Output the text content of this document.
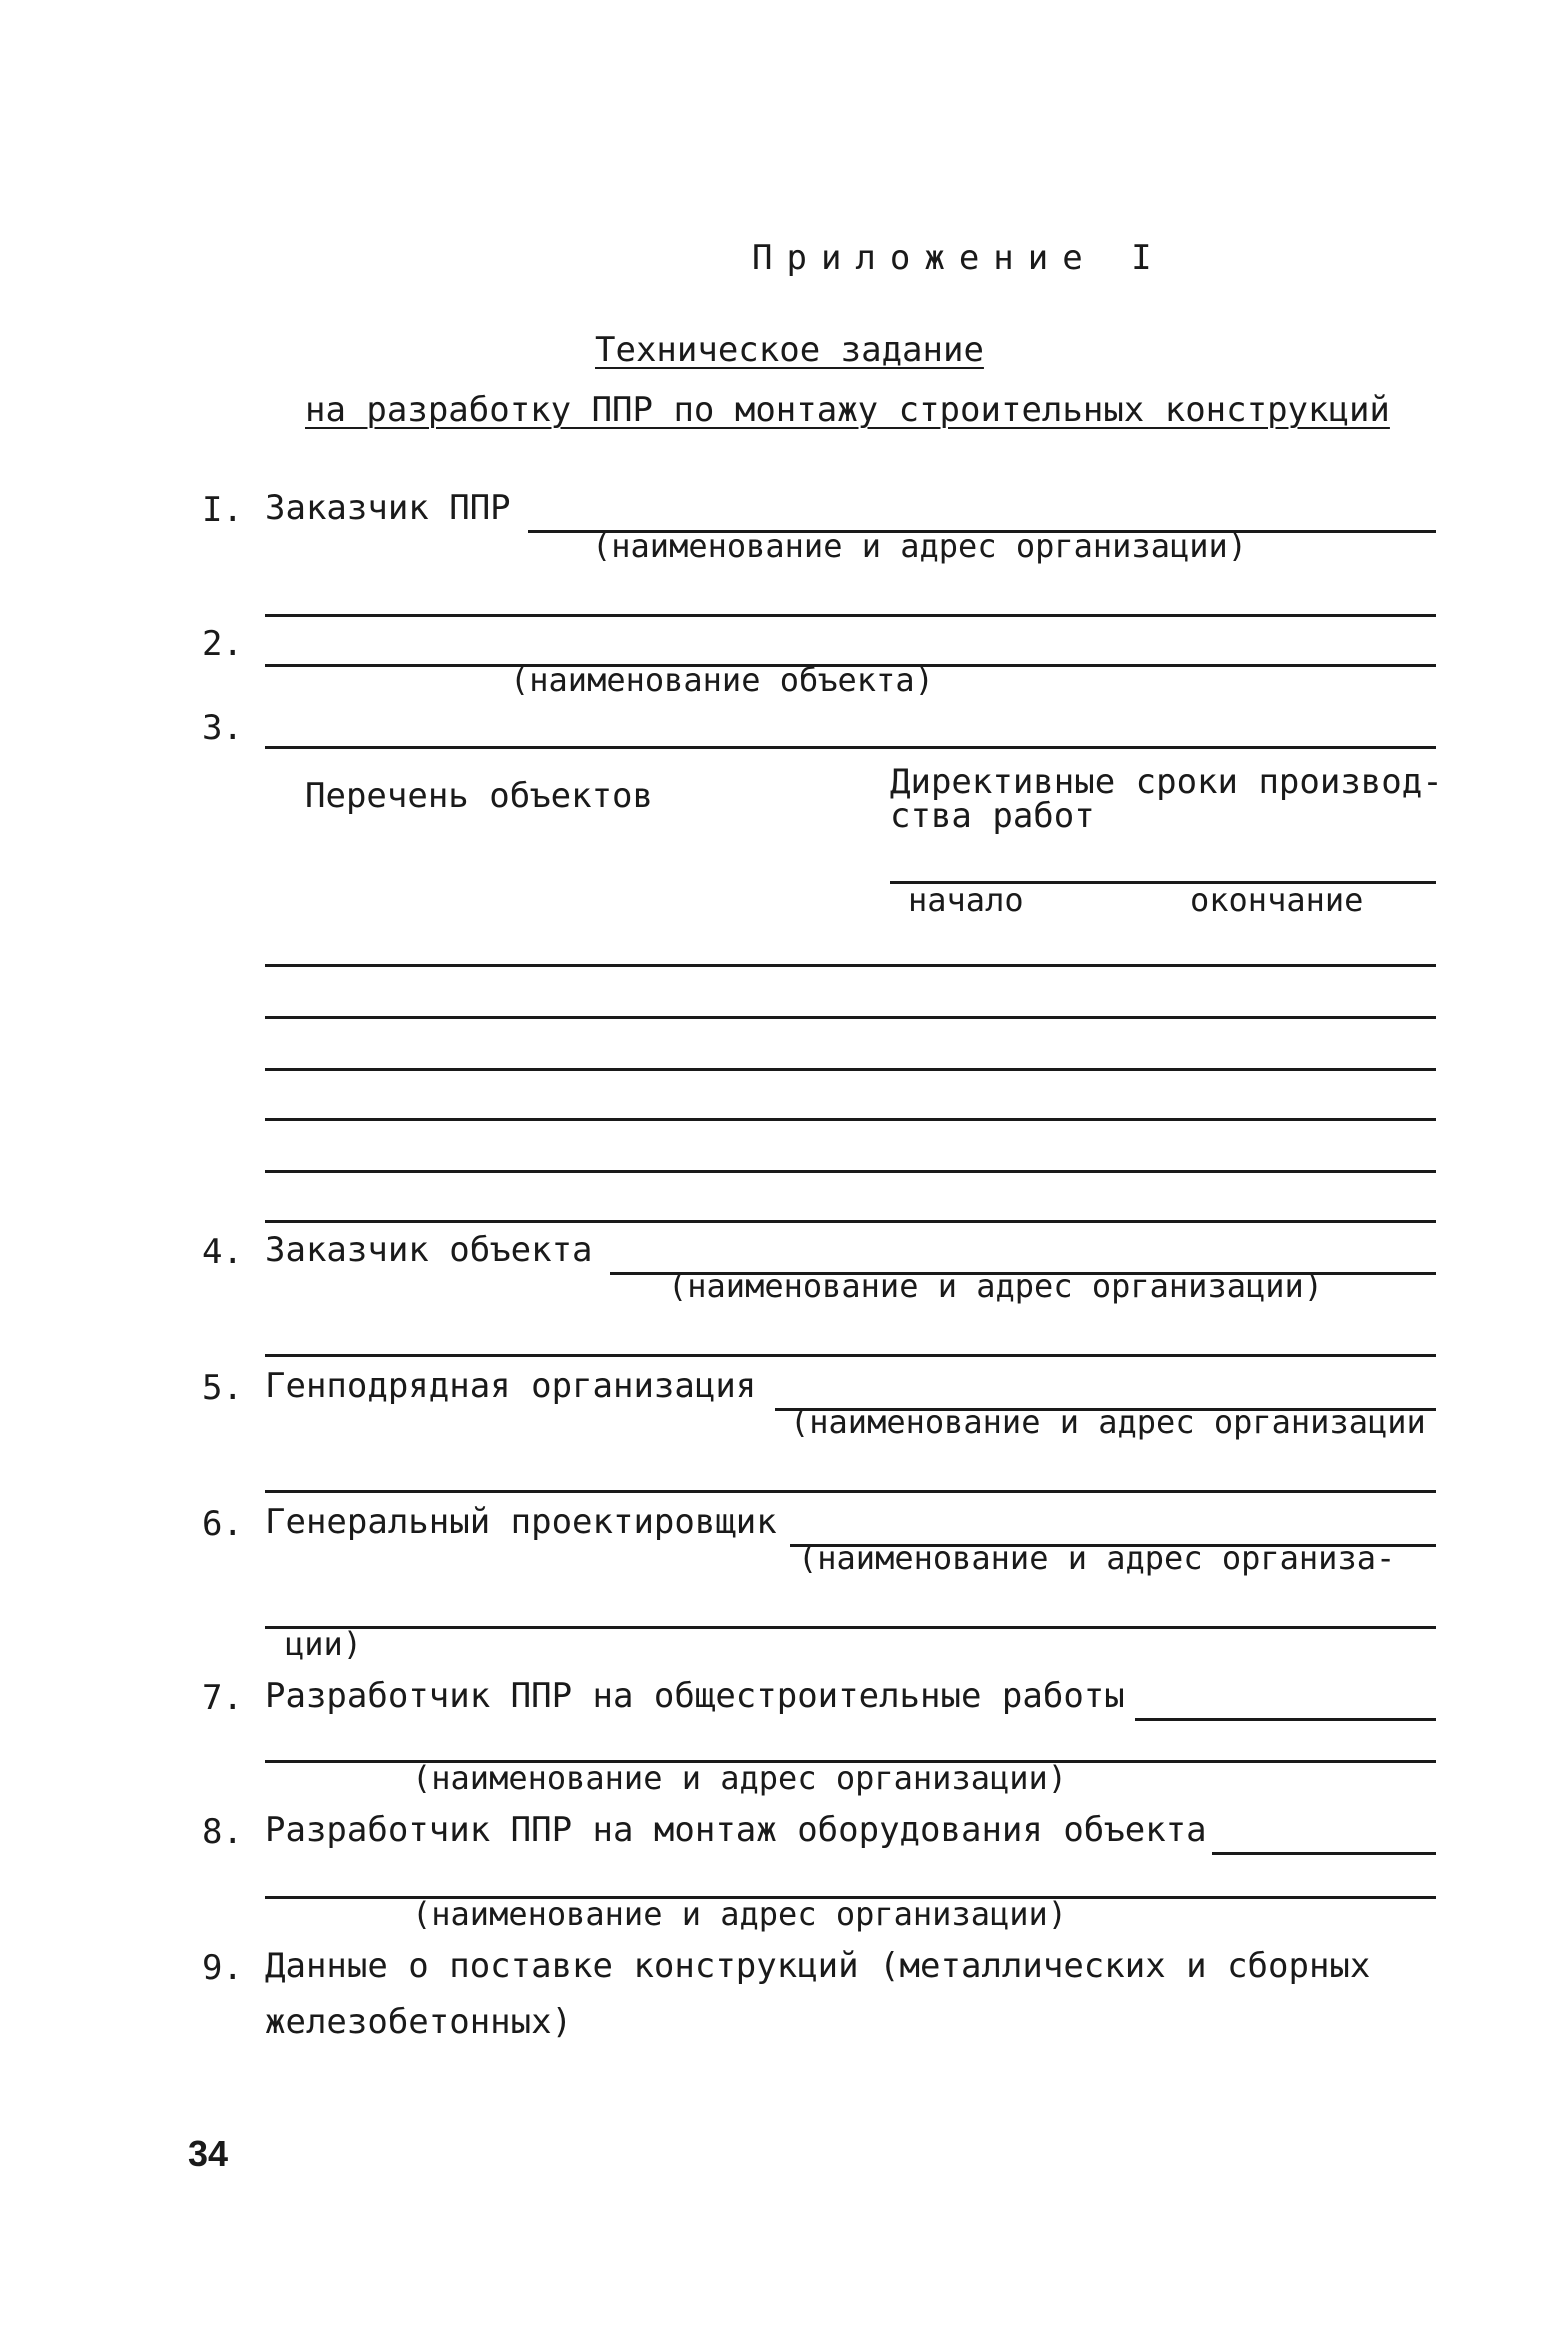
Приложение I
Техническое задание
на разработку ППР по монтажу строительных конструкций
I. Заказчик ППР
(наименование и адрес организации)
2.
(наименование объекта)
3.
Перечень объектов	Директивные сроки производ-
ства работ
начало	окончание
4. Заказчик объекта
(наименование и адрес организации)
5. Генподрядная организация
(наименование и адрес организации
6. Генеральный проектировщик
(наименование и адрес организа-
ции)
7. Разработчик ППР на общестроительные работы
(наименование и адрес организации)
8. Разработчик ППР на монтаж оборудования объекта
(наименование и адрес организации)
9. Данные о поставке конструкций (металлических и сборных
железобетонных)
34
